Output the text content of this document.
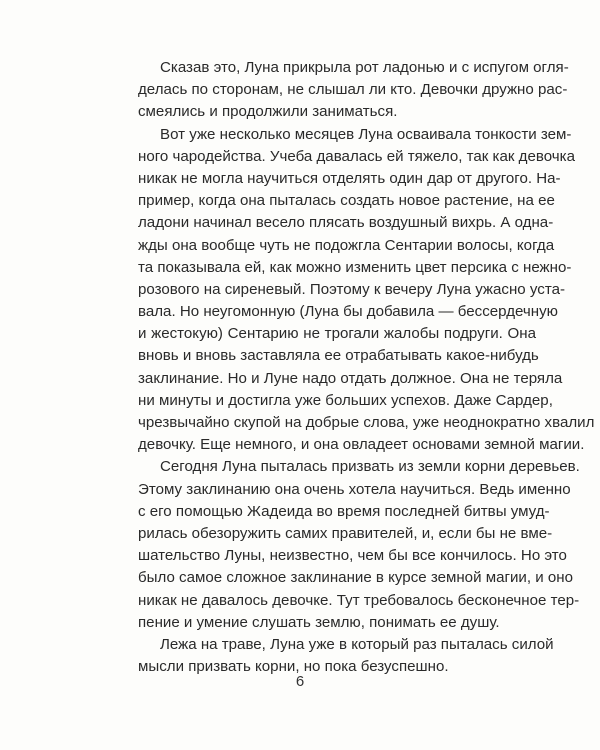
Сказав это, Луна прикрыла рот ладонью и с испугом огля-
делась по сторонам, не слышал ли кто. Девочки дружно рас-
смеялись и продолжили заниматься.
Вот уже несколько месяцев Луна осваивала тонкости зем-
ного чародейства. Учеба давалась ей тяжело, так как девочка
никак не могла научиться отделять один дар от другого. На-
пример, когда она пыталась создать новое растение, на ее
ладони начинал весело плясать воздушный вихрь. А одна-
жды она вообще чуть не подожгла Сентарии волосы, когда
та показывала ей, как можно изменить цвет персика с нежно-
розового на сиреневый. Поэтому к вечеру Луна ужасно уста-
вала. Но неугомонную (Луна бы добавила — бессердечную
и жестокую) Сентарию не трогали жалобы подруги. Она
вновь и вновь заставляла ее отрабатывать какое-нибудь
заклинание. Но и Луне надо отдать должное. Она не теряла
ни минуты и достигла уже больших успехов. Даже Сардер,
чрезвычайно скупой на добрые слова, уже неоднократно хвалил
девочку. Еще немного, и она овладеет основами земной магии.
Сегодня Луна пыталась призвать из земли корни деревьев.
Этому заклинанию она очень хотела научиться. Ведь именно
с его помощью Жадеида во время последней битвы умуд-
рилась обезоружить самих правителей, и, если бы не вме-
шательство Луны, неизвестно, чем бы все кончилось. Но это
было самое сложное заклинание в курсе земной магии, и оно
никак не давалось девочке. Тут требовалось бесконечное тер-
пение и умение слушать землю, понимать ее душу.
Лежа на траве, Луна уже в который раз пыталась силой
мысли призвать корни, но пока безуспешно.
6
